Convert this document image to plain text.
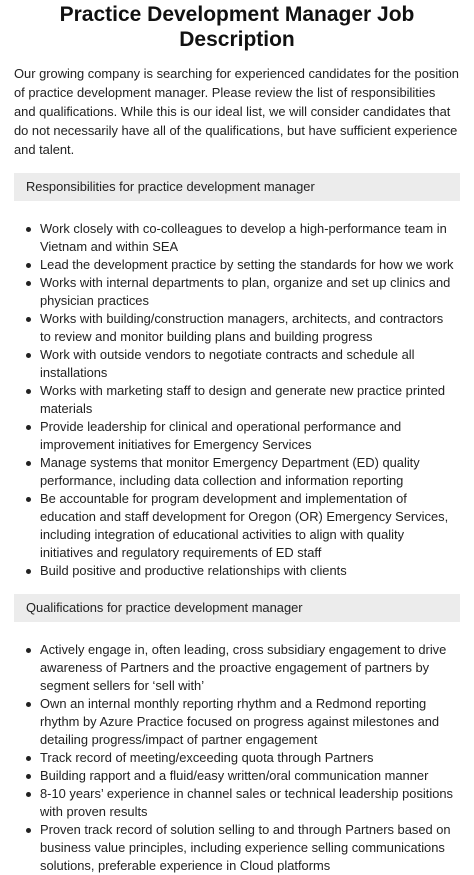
Practice Development Manager Job Description

Our growing company is searching for experienced candidates for the position of practice development manager. Please review the list of responsibilities and qualifications. While this is our ideal list, we will consider candidates that do not necessarily have all of the qualifications, but have sufficient experience and talent.

Responsibilities for practice development manager
Work closely with co-colleagues to develop a high-performance team in Vietnam and within SEA
Lead the development practice by setting the standards for how we work
Works with internal departments to plan, organize and set up clinics and physician practices
Works with building/construction managers, architects, and contractors to review and monitor building plans and building progress
Work with outside vendors to negotiate contracts and schedule all installations
Works with marketing staff to design and generate new practice printed materials
Provide leadership for clinical and operational performance and improvement initiatives for Emergency Services
Manage systems that monitor Emergency Department (ED) quality performance, including data collection and information reporting
Be accountable for program development and implementation of education and staff development for Oregon (OR) Emergency Services, including integration of educational activities to align with quality initiatives and regulatory requirements of ED staff
Build positive and productive relationships with clients
Qualifications for practice development manager
Actively engage in, often leading, cross subsidiary engagement to drive awareness of Partners and the proactive engagement of partners by segment sellers for ‘sell with’
Own an internal monthly reporting rhythm and a Redmond reporting rhythm by Azure Practice focused on progress against milestones and detailing progress/impact of partner engagement
Track record of meeting/exceeding quota through Partners
Building rapport and a fluid/easy written/oral communication manner
8-10 years’ experience in channel sales or technical leadership positions with proven results
Proven track record of solution selling to and through Partners based on business value principles, including experience selling communications solutions, preferable experience in Cloud platforms
